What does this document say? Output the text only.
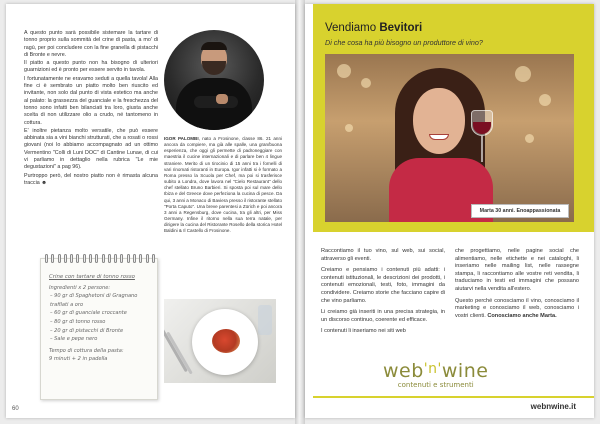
A questo punto sarà possibile sistemare la tartare di tonno proprio sulla sommità del crine di pasta, a mo' di ragù, per poi concludere con la fine granella di pistacchi di Bronte e nevre.

Il piatto a questo punto non ha bisogno di ulteriori guarnizioni ed è pronto per essere servito in tavola.

I fortunatamente ne eravamo seduti a quella tavola! Alla fine ci è sembrato un piatto molto ben riuscito ed invitante, non solo dal punto di vista estetico ma anche al palato: la grassezza del guanciale e la freschezza del tonno sono infatti ben bilanciati tra loro, giusta anche scelta di non utilizzare olio a crudo, né tantomeno in cottura.

E' inoltre pietanza molto versatile, che può essere abbinata sia a vini bianchi strutturati, che a rosati o rossi giovani (noi lo abbiamo accompagnato ad un ottimo Vermentino "Colli di Luni DOC" di Cantine Lunae, di cui vi parliamo in dettaglio nella rubrica "Le mie degustazioni" a pag 96).

Purtroppo però, del nostro piatto non è rimasta alcuna traccia ☻

IGOR PALOMBI, nato a Frosinone, classe 86. 21 anni ancora da compiere, ma già alle spalle, una gran/buona esperienza, che oggi gli permette di padroneggiare con maestria il cucine internazionali e di parlare ben 4 lingue straniere. Merito di un tirocinio di 15 anni tra i fornelli di vari rinomati ristoranti in Europa. Igor infatti si è formato a Roma presso la Scuola per Chef, ma poi si trasferisce subito a Londra, dove lavora nel "Cielo Restaurant" dello chef stellato Bruno Barbieri. Si sposta poi sul mare dello Ibiza e del Greece dove perfeziona la cucina di pesce. Da qui, 3 anni a Monaco di Baviera presso il ristorante stellato "Porta Caputo". Una breve parentesi a Zürich e poi ancora 3 anni a Regensburg, dove cucina, tra gli altri, per Miss Germany. Infine il ritorno nella sua terra natale, per dirigere la cucina del Ristorante Rosello della storica Hotel Baldini & Il Castello di Frosinone.
Crine con tartare di tonno rosso
Ingredienti x 2 persone:
– 90 gr di Spaghetoni di Gragnano trafilati a oro
– 60 gr di guanciale croccante
– 80 gr di tonno rosso
– 20 gr di pistacchi di Bronte
– Sale e pepe nero
Tempo di cottura della pasta:
9 minuti + 2 in padella
60
Vendiamo Bevitori
Di che cosa ha più bisogno un produttore di vino?
Marta 30 anni. Enoappassionata

Raccontiamo il tuo vino, sul web, sui social, attraverso gli eventi.

Creiamo e pensiamo i contenuti più adatti: i contenuti istituzionali, le descrizioni dei prodotti, i contenuti emozionali, testi, foto, immagini da condividere. Creiamo storie che facciano capire di che vino parliamo.

Li creiamo già inseriti in una precisa strategia, in un discorso continuo, coerente ed efficace.

I contenuti li inseriamo nei siti web

che progettiamo, nelle pagine social che alimentiamo, nelle etichette e nei cataloghi, li inseriamo nelle mailing list, nelle rassegne stampa, li raccontiamo alle vostre reti vendita, li traduciamo in testi ed immagini che possano aiutarvi nella vendita all'estero.

Questo perché conosciamo il vino, conosciamo il marketing e conosciamo il web, conosciamo i vostri clienti. Conosciamo anche Marta.

web$^{'n'}$wine
contenuti e strumenti
webnwine.it
